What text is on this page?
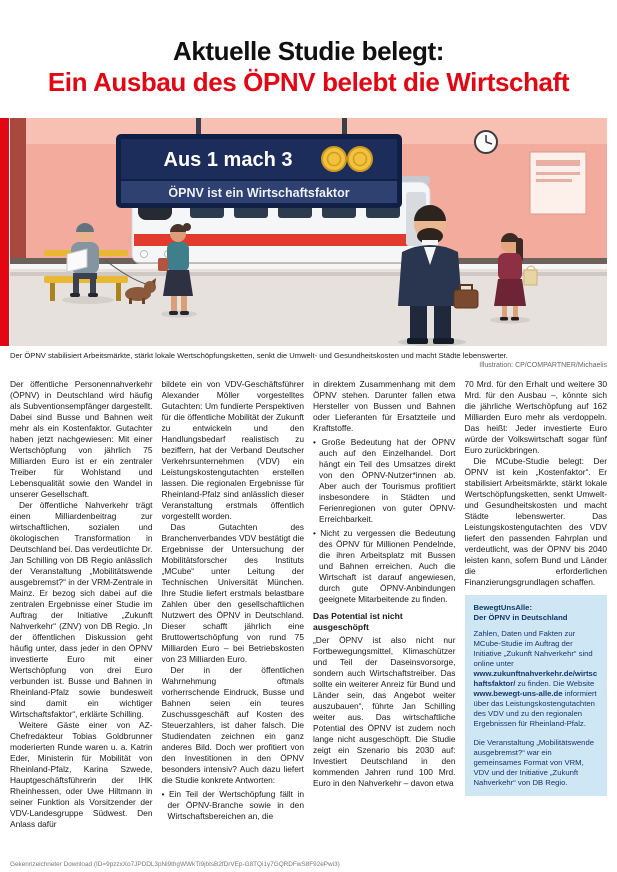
Aktuelle Studie belegt:
Ein Ausbau des ÖPNV belebt die Wirtschaft
Aus 1 mach 3
ÖPNV ist ein Wirtschaftsfaktor
Der ÖPNV stabilisiert Arbeitsmärkte, stärkt lokale Wertschöpfungsketten, senkt die Umwelt- und Gesundheitskosten und macht Städte lebenswerter.
Illustration: CP/COMPARTNER/Michaelis

Der öffentliche Personennahverkehr (ÖPNV) in Deutschland wird häufig als Subventionsempfänger dargestellt. Dabei sind Busse und Bahnen weit mehr als ein Kostenfaktor. Gutachter haben jetzt nachgewiesen: Mit einer Wertschöpfung von jährlich 75 Milliarden Euro ist er ein zentraler Treiber für Wohlstand und Lebensqualität sowie den Wandel in unserer Gesellschaft.

Der öffentliche Nahverkehr trägt einen Milliardenbeitrag zur wirtschaftlichen, sozialen und ökologischen Transformation in Deutschland bei. Das verdeutlichte Dr. Jan Schilling von DB Regio anlässlich der Veranstaltung „Mobilitätswende ausgebremst?“ in der VRM-Zentrale in Mainz. Er bezog sich dabei auf die zentralen Ergebnisse einer Studie im Auftrag der Initiative „Zukunft Nahverkehr“ (ZNV) von DB Regio. „In der öffentlichen Diskussion geht häufig unter, dass jeder in den ÖPNV investierte Euro mit einer Wertschöpfung von drei Euro verbunden ist. Busse und Bahnen in Rheinland-Pfalz sowie bundesweit sind damit ein wichtiger Wirtschaftsfaktor“, erklärte Schilling.

Weitere Gäste einer von AZ-Chefredakteur Tobias Goldbrunner moderierten Runde waren u. a. Katrin Eder, Ministerin für Mobilität von Rheinland-Pfalz, Karina Szwede, Hauptgeschäftsführerin der IHK Rheinhessen, oder Uwe Hiltmann in seiner Funktion als Vorsitzender der VDV-Landesgruppe Südwest. Den Anlass dafür

bildete ein von VDV-Geschäftsführer Alexander Möller vorgestelltes Gutachten: Um fundierte Perspektiven für die öffentliche Mobilität der Zukunft zu entwickeln und den Handlungsbedarf realistisch zu beziffern, hat der Verband Deutscher Verkehrsunternehmen (VDV) ein Leistungskostengutachten erstellen lassen. Die regionalen Ergebnisse für Rheinland-Pfalz sind anlässlich dieser Veranstaltung erstmals öffentlich vorgestellt worden.

Das Gutachten des Branchenverbandes VDV bestätigt die Ergebnisse der Untersuchung der Mobilitätsforscher des Instituts „MCube“ unter Leitung der Technischen Universität München. Ihre Studie liefert erstmals belastbare Zahlen über den gesellschaftlichen Nutzwert des ÖPNV in Deutschland. Dieser schafft jährlich eine Bruttowertschöpfung von rund 75 Milliarden Euro – bei Betriebskosten von 23 Milliarden Euro.

Der in der öffentlichen Wahrnehmung oftmals vorherrschende Eindruck, Busse und Bahnen seien ein teures Zuschussgeschäft auf Kosten des Steuerzahlers, ist daher falsch. Die Studiendaten zeichnen ein ganz anderes Bild. Doch wer profitiert von den Investitionen in den ÖPNV besonders intensiv? Auch dazu liefert die Studie konkrete Antworten:

• Ein Teil der Wertschöpfung fällt in der ÖPNV-Branche sowie in den Wirtschaftsbereichen an, die

in direktem Zusammenhang mit dem ÖPNV stehen. Darunter fallen etwa Hersteller von Bussen und Bahnen oder Lieferanten für Ersatzteile und Kraftstoffe.

• Große Bedeutung hat der ÖPNV auch auf den Einzelhandel. Dort hängt ein Teil des Umsatzes direkt von den ÖPNV-Nutzer*innen ab. Aber auch der Tourismus profitiert insbesondere in Städten und Ferienregionen von guter ÖPNV-Erreichbarkeit.

• Nicht zu vergessen die Bedeutung des ÖPNV für Millionen Pendelnde, die ihren Arbeitsplatz mit Bussen und Bahnen erreichen. Auch die Wirtschaft ist darauf angewiesen, durch gute ÖPNV-Anbindungen geeignete Mitarbeitende zu finden.

Das Potential ist nicht ausgeschöpft

„Der ÖPNV ist also nicht nur Fortbewegungsmittel, Klimaschützer und Teil der Daseinsvorsorge, sondern auch Wirtschaftstreiber. Das sollte ein weiterer Anreiz für Bund und Länder sein, das Angebot weiter auszubauen“, führte Jan Schilling weiter aus. Das wirtschaftliche Potential des ÖPNV ist zudem noch lange nicht ausgeschöpft. Die Studie zeigt ein Szenario bis 2030 auf: Investiert Deutschland in den kommenden Jahren rund 100 Mrd. Euro in den Nahverkehr – davon etwa

70 Mrd. für den Erhalt und weitere 30 Mrd. für den Ausbau –, könnte sich die jährliche Wertschöpfung auf 162 Milliarden Euro mehr als verdoppeln. Das heißt: Jeder investierte Euro würde der Volkswirtschaft sogar fünf Euro zurückbringen.

Die MCube-Studie belegt: Der ÖPNV ist kein „Kostenfaktor“. Er stabilisiert Arbeitsmärkte, stärkt lokale Wertschöpfungsketten, senkt Umwelt- und Gesundheitskosten und macht Städte lebenswerter. Das Leistungskostengutachten des VDV liefert den passenden Fahrplan und verdeutlicht, was der ÖPNV bis 2040 leisten kann, sofern Bund und Länder die erforderlichen Finanzierungsgrundlagen schaffen.

BewegtUnsAlle:

Der ÖPNV in Deutschland

Zahlen, Daten und Fakten zur MCube-Studie im Auftrag der Initiative „Zukunft Nahverkehr“ sind online unter www.zukunftnahverkehr.de/wirtschaftsfaktor/ zu finden. Die Website www.bewegt-uns-alle.de informiert über das Leistungskostengutachten des VDV und zu den regionalen Ergebnissen für Rheinland-Pfalz.

Die Veranstaltung „Mobilitätswende ausgebremst?“ war ein gemeinsames Format von VRM, VDV und der Initiative „Zukunft Nahverkehr“ von DB Regio.

Gekennzeichneter Download (ID=9pzzxXo7JPDDL3pNi9thgWWkTl9jbtsB2fDrVEp-G8TQi1y7GQRDFwS8F92ePwi3)
